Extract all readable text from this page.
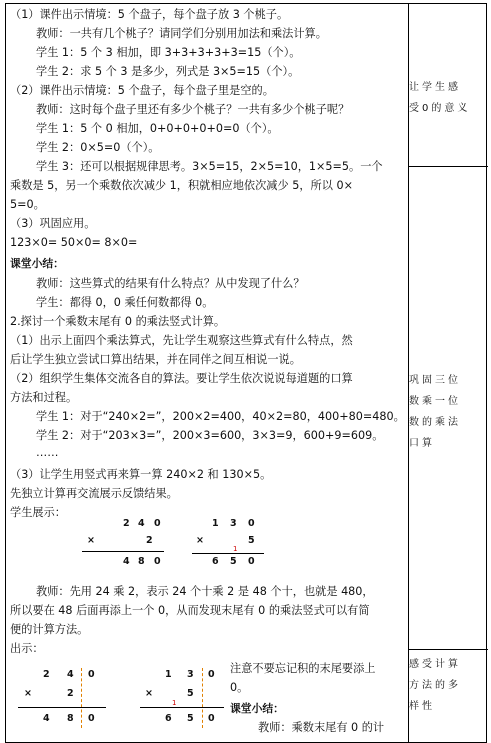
（1）课件出示情境：5 个盘子，每个盘子放 3 个桃子。
教师：一共有几个桃子？请同学们分别用加法和乘法计算。
学生 1：5 个 3 相加，即 3+3+3+3+3=15（个）。
学生 2：求 5 个 3 是多少，列式是 3×5=15（个）。
（2）课件出示情境：5 个盘子，每个盘子里是空的。
教师：这时每个盘子里还有多少个桃子？一共有多少个桃子呢？
学生 1：5 个 0 相加，0+0+0+0+0=0（个）。
学生 2：0×5=0（个）。
学生 3：还可以根据规律思考。3×5=15，2×5=10，1×5=5。一个
乘数是 5，另一个乘数依次减少 1，积就相应地依次减少 5，所以 0×
5=0。
（3）巩固应用。
123×0= 50×0= 8×0=
课堂小结：
教师：这些算式的结果有什么特点？从中发现了什么？
学生：都得 0，0 乘任何数都得 0。
2.探讨一个乘数末尾有 0 的乘法竖式计算。
（1）出示上面四个乘法算式，先让学生观察这些算式有什么特点，然
后让学生独立尝试口算出结果，并在同伴之间互相说一说。
（2）组织学生集体交流各自的算法。要让学生依次说说每道题的口算
方法和过程。
学生 1：对于“240×2=”，200×2=400，40×2=80，400+80=480。
学生 2：对于“203×3=”，200×3=600，3×3=9，600+9=609。
……
（3）让学生用竖式再来算一算 240×2 和 130×5。
先独立计算再交流展示反馈结果。
学生展示：
2 4 0
×	2
4 8 0
1 3 0
×	5
1
6 5 0
教师：先用 24 乘 2，表示 24 个十乘 2 是 48 个十，也就是 480，
所以要在 48 后面再添上一个 0，从而发现末尾有 0 的乘法竖式可以有简
便的计算方法。
出示：
2 4 0
×	2
4 8 0
1 3 0
×	5
1
6 5 0
注意不要忘记积的末尾要添上
0。
课堂小结：
教师：乘数末尾有 0 的计
让学生感受0的意义
巩固三位数乘一位数的乘法口算
感受计算方法的多样性
